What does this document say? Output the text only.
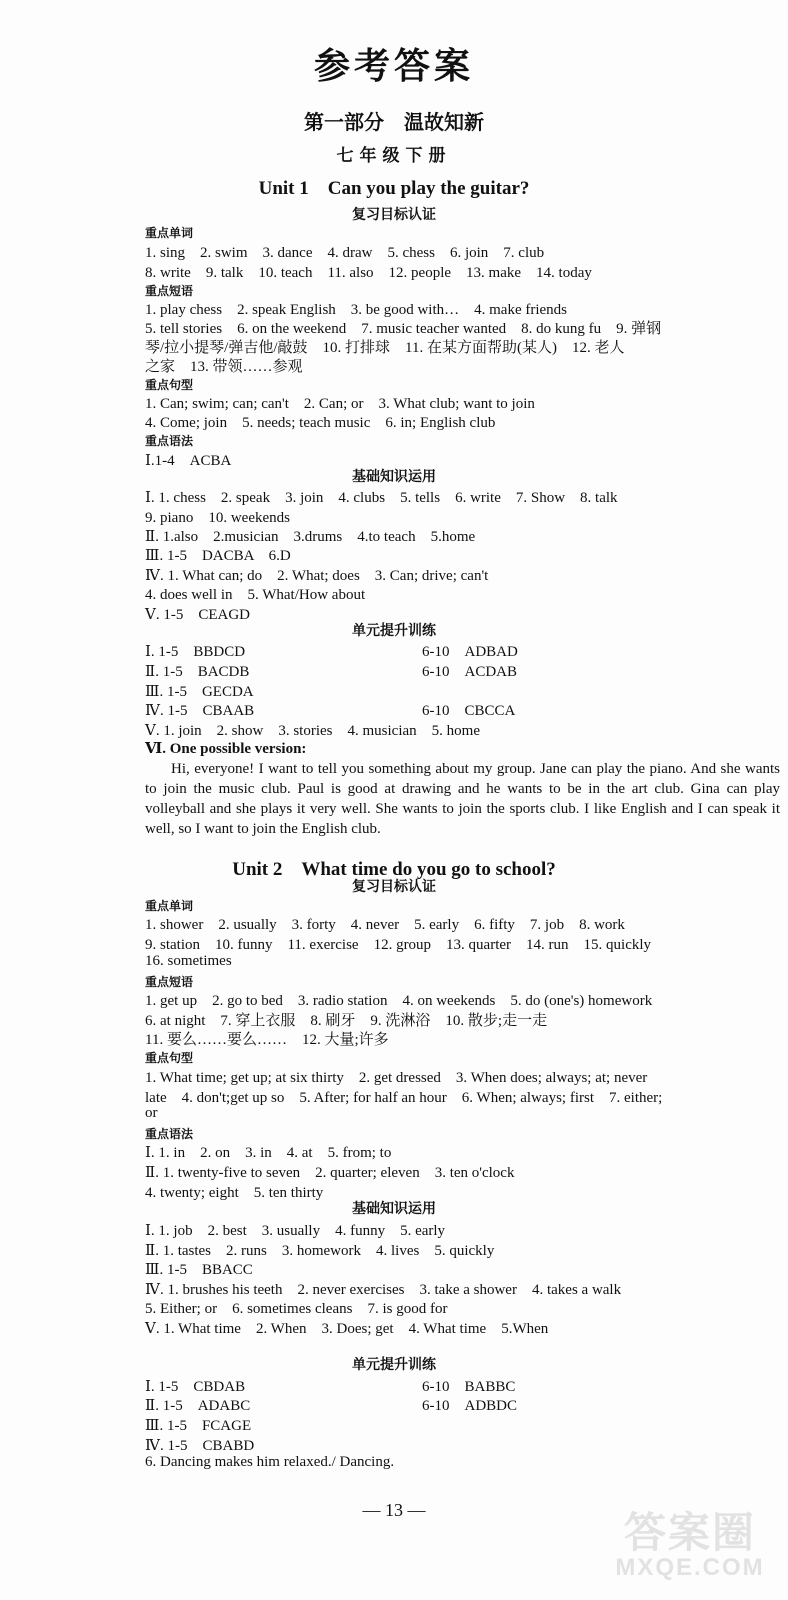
参考答案
第一部分　温故知新
七年级下册
Unit 1　Can you play the guitar?
复习目标认证
重点单词
1. sing　2. swim　3. dance　4. draw　5. chess　6. join　7. club
8. write　9. talk　10. teach　11. also　12. people　13. make　14. today
重点短语
1. play chess　2. speak English　3. be good with…　4. make friends
5. tell stories　6. on the weekend　7. music teacher wanted　8. do kung fu　9. 弹钢
琴/拉小提琴/弹吉他/敲鼓　10. 打排球　11. 在某方面帮助(某人)　12. 老人
之家　13. 带领……参观
重点句型
1. Can; swim; can; can't　2. Can; or　3. What club; want to join
4. Come; join　5. needs; teach music　6. in; English club
重点语法
Ⅰ.1-4　ACBA
基础知识运用
Ⅰ. 1. chess　2. speak　3. join　4. clubs　5. tells　6. write　7. Show　8. talk
9. piano　10. weekends
Ⅱ. 1.also　2.musician　3.drums　4.to teach　5.home
Ⅲ. 1-5　DACBA　6.D
Ⅳ. 1. What can; do　2. What; does　3. Can; drive; can't
4. does well in　5. What/How about
Ⅴ. 1-5　CEAGD
单元提升训练
Ⅰ. 1-5　BBDCD	6-10　ADBAD
Ⅱ. 1-5　BACDB	6-10　ACDAB
Ⅲ. 1-5　GECDA
Ⅳ. 1-5　CBAAB	6-10　CBCCA
Ⅴ. 1. join　2. show　3. stories　4. musician　5. home
Ⅵ. One possible version:
Hi, everyone! I want to tell you something about my group. Jane can play the piano. And she wants to join the music club. Paul is good at drawing and he wants to be in the art club. Gina can play volleyball and she plays it very well. She wants to join the sports club. I like English and I can speak it well, so I want to join the English club.
Unit 2　What time do you go to school?
复习目标认证
重点单词
1. shower　2. usually　3. forty　4. never　5. early　6. fifty　7. job　8. work
9. station　10. funny　11. exercise　12. group　13. quarter　14. run　15. quickly
16. sometimes
重点短语
1. get up　2. go to bed　3. radio station　4. on weekends　5. do (one's) homework
6. at night　7. 穿上衣服　8. 刷牙　9. 洗淋浴　10. 散步;走一走
11. 要么……要么……　12. 大量;许多
重点句型
1. What time; get up; at six thirty　2. get dressed　3. When does; always; at; never
late　4. don't;get up so　5. After; for half an hour　6. When; always; first　7. either;
or
重点语法
Ⅰ. 1. in　2. on　3. in　4. at　5. from; to
Ⅱ. 1. twenty-five to seven　2. quarter; eleven　3. ten o'clock
4. twenty; eight　5. ten thirty
基础知识运用
Ⅰ. 1. job　2. best　3. usually　4. funny　5. early
Ⅱ. 1. tastes　2. runs　3. homework　4. lives　5. quickly
Ⅲ. 1-5　BBACC
Ⅳ. 1. brushes his teeth　2. never exercises　3. take a shower　4. takes a walk
5. Either; or　6. sometimes cleans　7. is good for
Ⅴ. 1. What time　2. When　3. Does; get　4. What time　5.When
单元提升训练
Ⅰ. 1-5　CBDAB	6-10　BABBC
Ⅱ. 1-5　ADABC	6-10　ADBDC
Ⅲ. 1-5　FCAGE
Ⅳ. 1-5　CBABD
6. Dancing makes him relaxed./ Dancing.
— 13 —	答案圈
MXQE.COM
